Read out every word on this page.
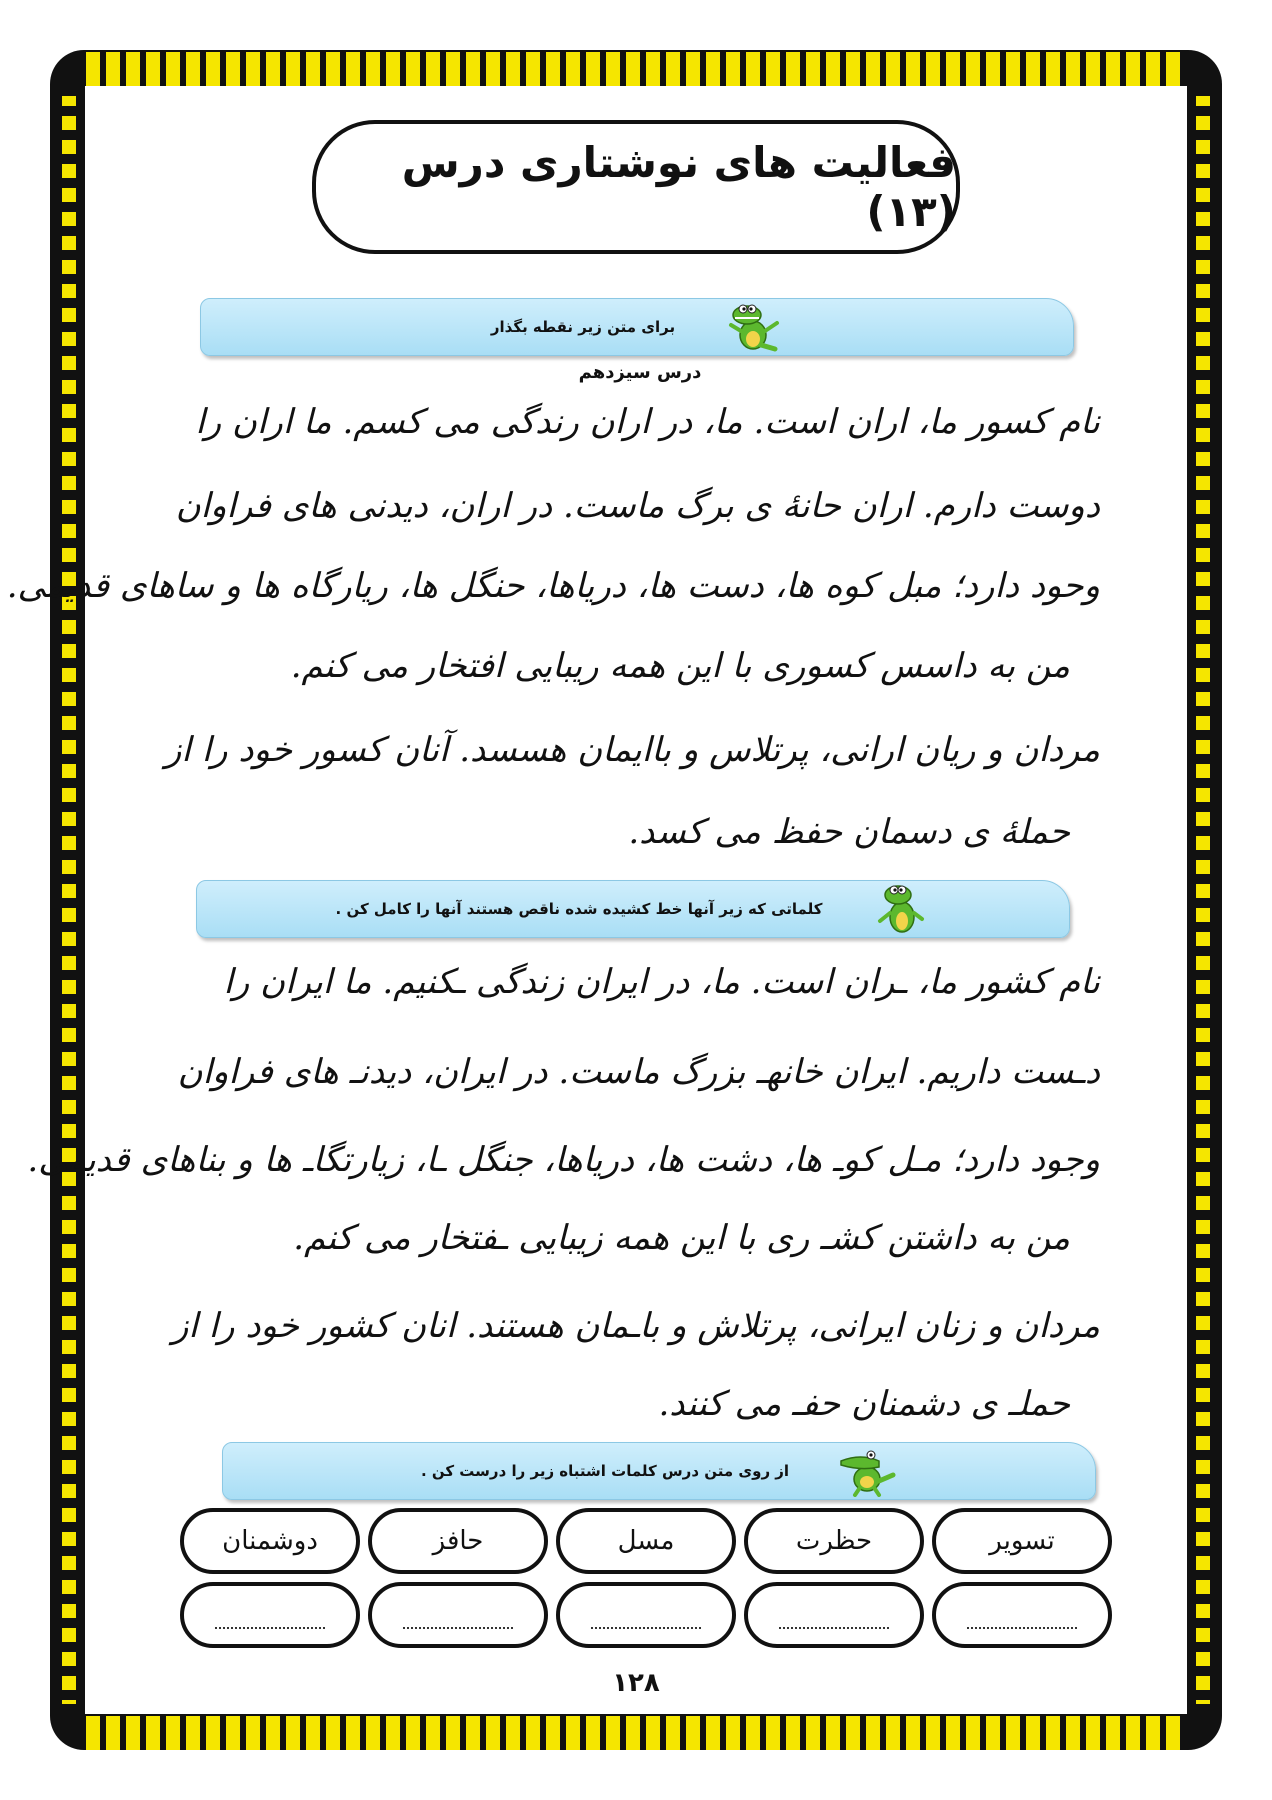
فعالیت های نوشتاری درس (۱۳)
برای متن زیر نقطه بگذار
درس سیزدهم
نام کسور ما، اران است. ما، در اران رندگی می کسم. ما اران را
دوست دارم. اران حانهٔ ی برگ ماست. در اران، دیدنی های فراوان
وحود دارد؛ مبل کوه ها، دست ها، دریاها، حنگل ها، ریارگاه ها و ساهای قدیمی.
من به داسس کسوری با این همه ریبایی افتخار می کنم.
مردان و ریان ارانی، پرتلاس و باایمان هسسد. آنان کسور خود را از
حملهٔ ی دسمان حفظ می کسد.
کلماتی که زیر آنها خط کشیده شده ناقص هستند آنها را کامل کن .
نام کشور ما، ـران است. ما، در ایران زندگی ـکنیم. ما ایران را
دـست داریم. ایران خانهـ بزرگ ماست. در ایران، دیدنـ های فراوان
وجود دارد؛ مـل کوـ ها، دشت ها، دریاها، جنگل ـا، زیارتگاـ ها و بناهای قدیمی.
من به داشتن کشـ ری با این همه زیبایی ـفتخار می کنم.
مردان و زنان ایرانی، پرتلاش و باـمان هستند. انان کشور خود را از
حملـ ی دشمنان حفـ می کنند.
از روی متن درس کلمات اشتباه زیر را درست کن .
تسویر
حظرت
مسل
حافز
دوشمنان
۱۲۸
